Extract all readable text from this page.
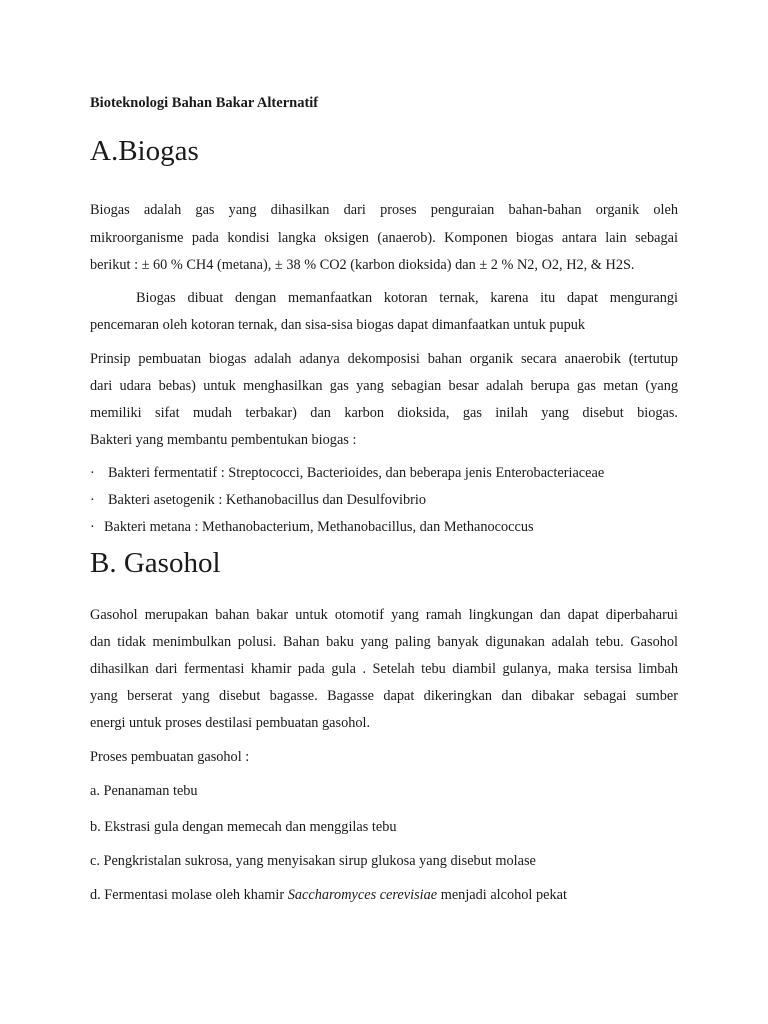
Bioteknologi Bahan Bakar Alternatif
A.Biogas
Biogas adalah gas yang dihasilkan dari proses penguraian bahan-bahan organik oleh
mikroorganisme pada kondisi langka oksigen (anaerob). Komponen biogas antara lain sebagai
berikut : ± 60 % CH4 (metana), ± 38 % CO2 (karbon dioksida) dan ± 2 % N2, O2, H2, & H2S.
Biogas dibuat dengan memanfaatkan kotoran ternak, karena itu dapat mengurangi
pencemaran oleh kotoran ternak, dan sisa-sisa biogas dapat dimanfaatkan untuk pupuk
Prinsip pembuatan biogas adalah adanya dekomposisi bahan organik secara anaerobik (tertutup
dari udara bebas) untuk menghasilkan gas yang sebagian besar adalah berupa gas metan (yang
memiliki sifat mudah terbakar) dan karbon dioksida, gas inilah yang disebut biogas.
Bakteri yang membantu pembentukan biogas :
· Bakteri fermentatif : Streptococci, Bacterioides, dan beberapa jenis Enterobacteriaceae
· Bakteri asetogenik : Kethanobacillus dan Desulfovibrio
· Bakteri metana : Methanobacterium, Methanobacillus, dan Methanococcus
B. Gasohol
Gasohol merupakan bahan bakar untuk otomotif yang ramah lingkungan dan dapat diperbaharui
dan tidak menimbulkan polusi. Bahan baku yang paling banyak digunakan adalah tebu. Gasohol
dihasilkan dari fermentasi khamir pada gula . Setelah tebu diambil gulanya, maka tersisa limbah
yang berserat yang disebut bagasse. Bagasse dapat dikeringkan dan dibakar sebagai sumber
energi untuk proses destilasi pembuatan gasohol.
Proses pembuatan gasohol :
a. Penanaman tebu
b. Ekstrasi gula dengan memecah dan menggilas tebu
c. Pengkristalan sukrosa, yang menyisakan sirup glukosa yang disebut molase
d. Fermentasi molase oleh khamir Saccharomyces cerevisiae menjadi alcohol pekat
